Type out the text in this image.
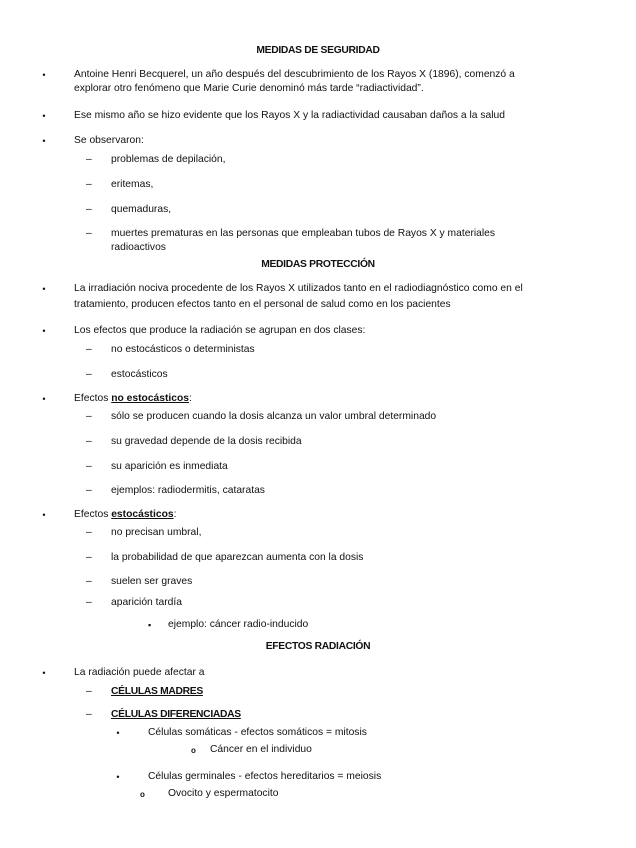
MEDIDAS DE SEGURIDAD
•	Antoine Henri Becquerel, un año después del descubrimiento de los Rayos X (1896), comenzó a
explorar otro fenómeno que Marie Curie denominó más tarde “radiactividad”.
•	Ese mismo año se hizo evidente que los Rayos X y la radiactividad causaban daños a la salud
•	Se observaron:
– problemas de depilación,
– eritemas,
– quemaduras,
– muertes prematuras en las personas que empleaban tubos de Rayos X y materiales
radioactivos
MEDIDAS PROTECCIÓN
•	La irradiación nociva procedente de los Rayos X utilizados tanto en el radiodiagnóstico como en el
tratamiento, producen efectos tanto en el personal de salud como en los pacientes
•	Los efectos que produce la radiación se agrupan en dos clases:
– no estocásticos o deterministas
– estocásticos
•	Efectos no estocásticos:
– sólo se producen cuando la dosis alcanza un valor umbral determinado
– su gravedad depende de la dosis recibida
– su aparición es inmediata
– ejemplos: radiodermitis, cataratas
•	Efectos estocásticos:
– no precisan umbral,
– la probabilidad de que aparezcan aumenta con la dosis
– suelen ser graves
– aparición tardía
▪ ejemplo: cáncer radio-inducido
EFECTOS RADIACIÓN
•	La radiación puede afectar a
– CÉLULAS MADRES
– CÉLULAS DIFERENCIADAS
•	Células somáticas - efectos somáticos = mitosis
o Cáncer en el individuo
•	Células germinales - efectos hereditarios = meiosis
o Ovocito y espermatocito
